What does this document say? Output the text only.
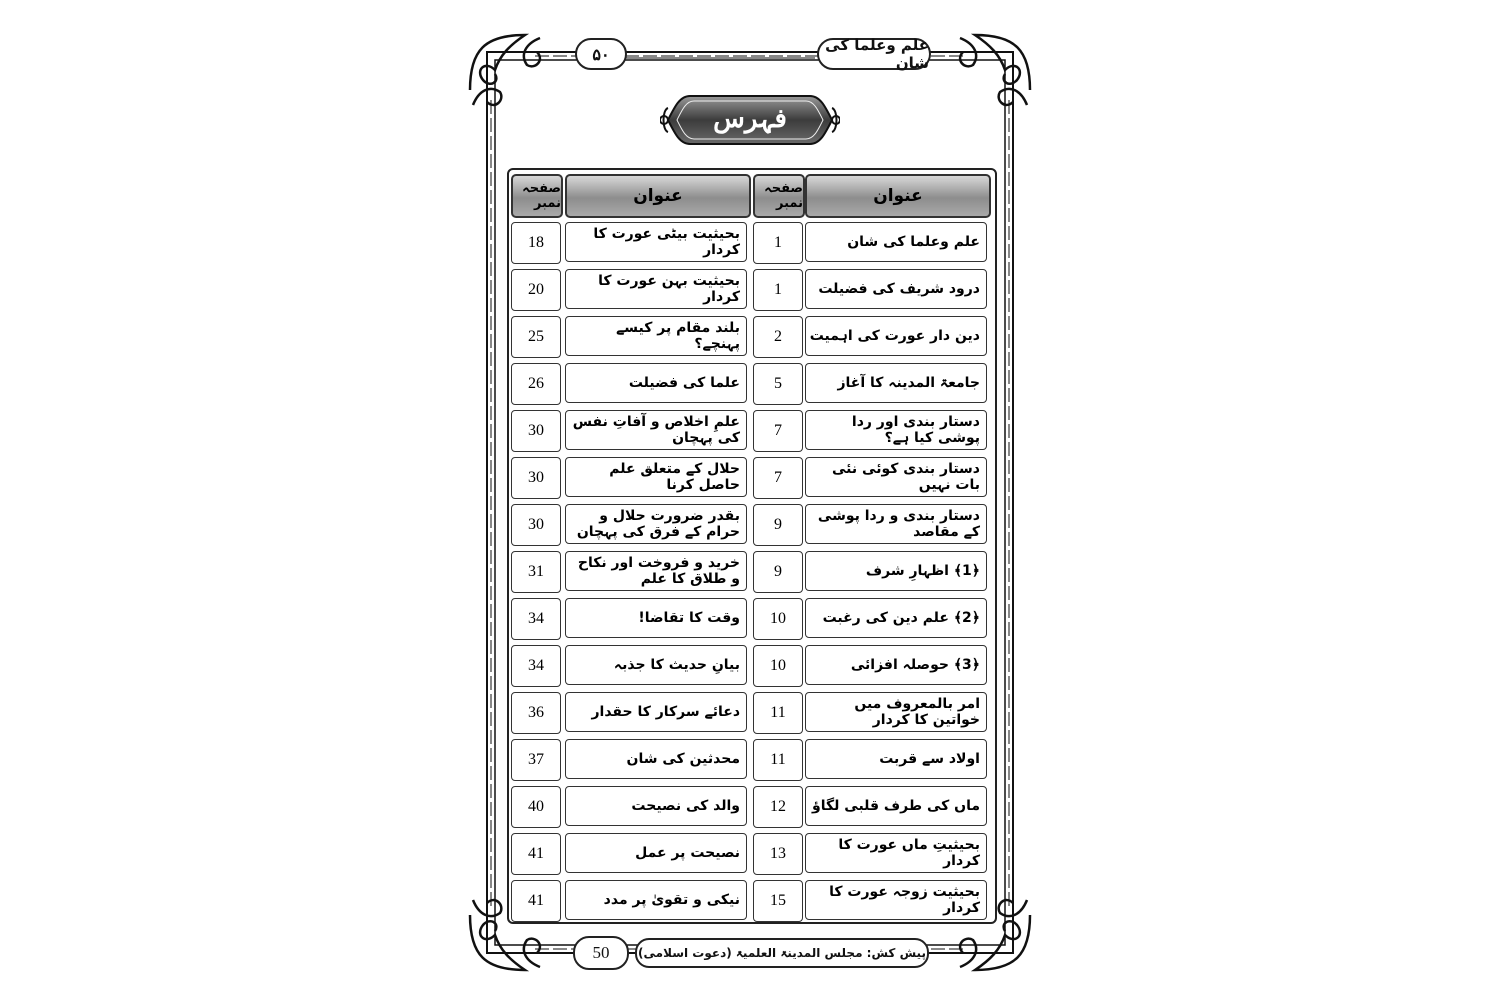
۵۰	علم وعلما کی شان
فہرس
عنوان
صفحہ نمبر
عنوان
صفحہ نمبر
علم وعلما کی شان
1
بحیثیت بیٹی عورت کا کردار
18
درود شریف کی فضیلت
1
بحیثیت بہن عورت کا کردار
20
دین دار عورت کی اہمیت
2
بلند مقام پر کیسے پہنچے؟
25
جامعۃ المدینہ کا آغاز
5
علما کی فضیلت
26
دستار بندی اور ردا پوشی کیا ہے؟
7
علمِ اخلاص و آفاتِ نفس کی پہچان
30
دستار بندی کوئی نئی بات نہیں
7
حلال کے متعلق علم حاصل کرنا
30
دستار بندی و ردا پوشی کے مقاصد
9
بقدر ضرورت حلال و حرام کے فرق کی پہچان
30
﴿1﴾ اظہارِ شرف
9
خرید و فروخت اور نکاح و طلاق کا علم
31
﴿2﴾ علم دین کی رغبت
10
وقت کا تقاضا!
34
﴿3﴾ حوصلہ افزائی
10
بیانِ حدیث کا جذبہ
34
امر بالمعروف میں خواتین کا کردار
11
دعائے سرکار کا حقدار
36
اولاد سے قربت
11
محدثین کی شان
37
ماں کی طرف قلبی لگاؤ
12
والد کی نصیحت
40
بحیثیتِ ماں عورت کا کردار
13
نصیحت پر عمل
41
بحیثیت زوجہ عورت کا کردار
15
نیکی و تقویٰ پر مدد
41
50	پیش کش: مجلس المدینۃ العلمیۃ (دعوت اسلامی)
